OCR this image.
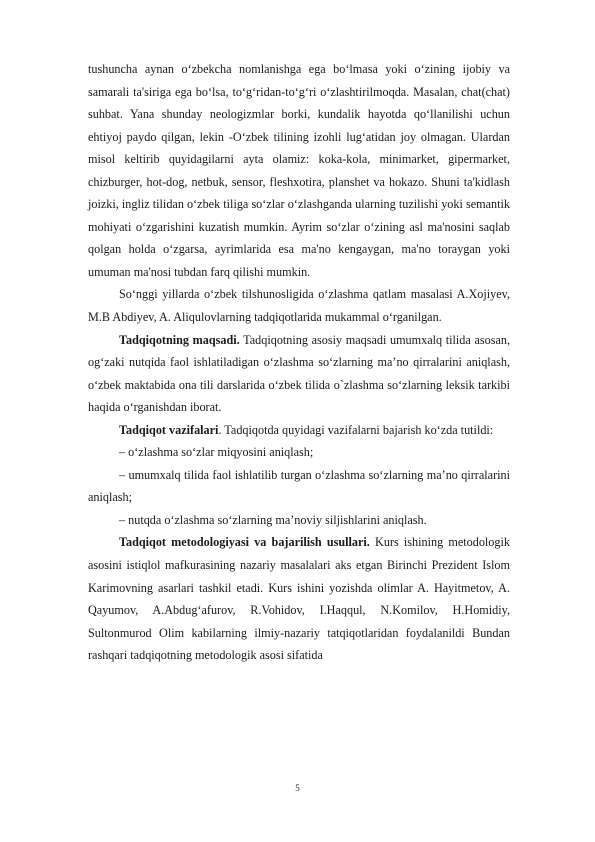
tushuncha aynan o‘zbekcha nomlanishga ega bo‘lmasa yoki o‘zining ijobiy va samarali ta'siriga ega bo‘lsa, to‘g‘ridan-to‘g‘ri o‘zlashtirilmoqda. Masalan, chat(chat) suhbat. Yana shunday neologizmlar borki, kundalik hayotda qo‘llanilishi uchun ehtiyoj paydo qilgan, lekin -O‘zbek tilining izohli lug‘atidan joy olmagan. Ulardan misol keltirib quyidagilarni ayta olamiz: koka-kola, minimarket, gipermarket, chizburger, hot-dog, netbuk, sensor, fleshxotira, planshet va hokazo. Shuni ta'kidlash joizki, ingliz tilidan o‘zbek tiliga so‘zlar o‘zlashganda ularning tuzilishi yoki semantik mohiyati o‘zgarishini kuzatish mumkin. Ayrim so‘zlar o‘zining asl ma'nosini saqlab qolgan holda o‘zgarsa, ayrimlarida esa ma'no kengaygan, ma'no toraygan yoki umuman ma'nosi tubdan farq qilishi mumkin.

So‘nggi yillarda o‘zbek tilshunosligida o‘zlashma qatlam masalasi A.Xojiyev, M.B Abdiyev, A. Aliqulovlarning tadqiqotlarida mukammal o‘rganilgan.

Tadqiqotning maqsadi. Tadqiqotning asosiy maqsadi umumxalq tilida asosan, og‘zaki nutqida faol ishlatiladigan o‘zlashma so‘zlarning ma’no qirralarini aniqlash, o‘zbek maktabida ona tili darslarida o‘zbek tilida o`zlashma so‘zlarning leksik tarkibi haqida o‘rganishdan iborat.

Tadqiqot vazifalari. Tadqiqotda quyidagi vazifalarni bajarish ko‘zda tutildi:

‒ o‘zlashma so‘zlar miqyosini aniqlash;

‒ umumxalq tilida faol ishlatilib turgan o‘zlashma so‘zlarning ma’no qirralarini aniqlash;

‒ nutqda o‘zlashma so‘zlarning ma’noviy siljishlarini aniqlash.

Tadqiqot metodologiyasi va bajarilish usullari. Kurs ishining metodologik asosini istiqlol mafkurasining nazariy masalalari aks etgan Birinchi Prezident Islom Karimovning asarlari tashkil etadi. Kurs ishini yozishda olimlar A. Hayitmetov, A. Qayumov, A.Abdug‘afurov, R.Vohidov, I.Haqqul, N.Komilov, H.Homidiy, Sultonmurod Olim kabilarning ilmiy-nazariy tatqiqotlaridan foydalanildi Bundan rashqari tadqiqotning metodologik asosi sifatida

5
